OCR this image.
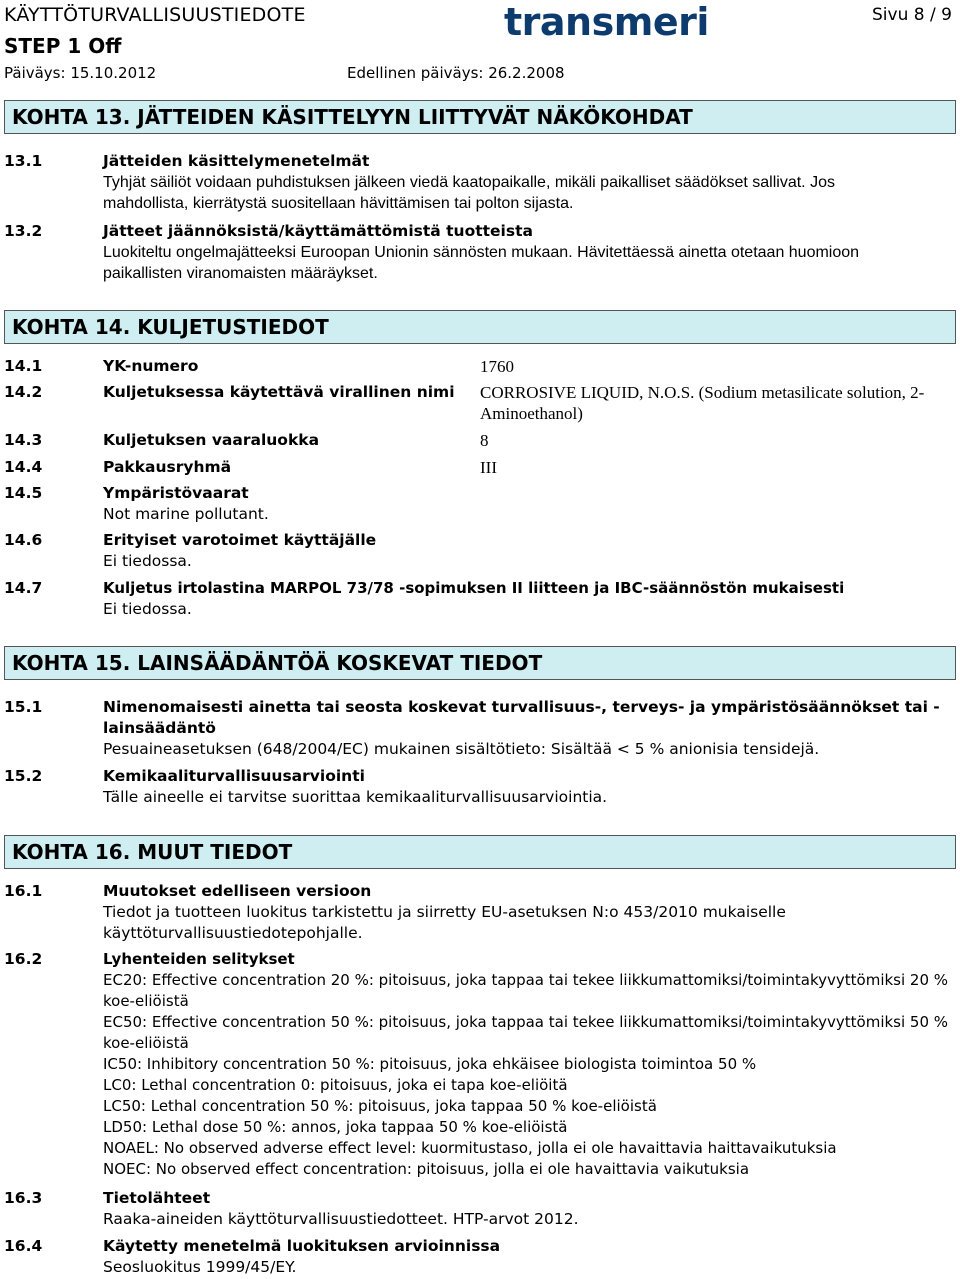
KÄYTTÖTURVALLISUUSTIEDOTE
STEP 1 Off
Päiväys: 15.10.2012	Edellinen päiväys: 26.2.2008
transmeri	Sivu 8 / 9
KOHTA 13. JÄTTEIDEN KÄSITTELYYN LIITTYVÄT NÄKÖKOHDAT
13.1	Jätteiden käsittelymenetelmät
Tyhjät säiliöt voidaan puhdistuksen jälkeen viedä kaatopaikalle, mikäli paikalliset säädökset sallivat. Jos
mahdollista, kierrätystä suositellaan hävittämisen tai polton sijasta.
13.2	Jätteet jäännöksistä/käyttämättömistä tuotteista
Luokiteltu ongelmajätteeksi Euroopan Unionin sännösten mukaan. Hävitettäessä ainetta otetaan huomioon
paikallisten viranomaisten määräykset.
KOHTA 14. KULJETUSTIEDOT
14.1	YK-numero	1760
14.2	Kuljetuksessa käytettävä virallinen nimi	CORROSIVE LIQUID, N.O.S. (Sodium metasilicate solution, 2-
Aminoethanol)
14.3	Kuljetuksen vaaraluokka	8
14.4	Pakkausryhmä	III
14.5	Ympäristövaarat
Not marine pollutant.
14.6	Erityiset varotoimet käyttäjälle
Ei tiedossa.
14.7	Kuljetus irtolastina MARPOL 73/78 -sopimuksen II liitteen ja IBC-säännöstön mukaisesti
Ei tiedossa.
KOHTA 15. LAINSÄÄDÄNTÖÄ KOSKEVAT TIEDOT
15.1	Nimenomaisesti ainetta tai seosta koskevat turvallisuus-, terveys- ja ympäristösäännökset tai -
lainsäädäntö
Pesuaineasetuksen (648/2004/EC) mukainen sisältötieto: Sisältää < 5 % anionisia tensidejä.
15.2	Kemikaaliturvallisuusarviointi
Tälle aineelle ei tarvitse suorittaa kemikaaliturvallisuusarviointia.
KOHTA 16. MUUT TIEDOT
16.1	Muutokset edelliseen versioon
Tiedot ja tuotteen luokitus tarkistettu ja siirretty EU-asetuksen N:o 453/2010 mukaiselle
käyttöturvallisuustiedotepohjalle.
16.2	Lyhenteiden selitykset
EC20: Effective concentration 20 %: pitoisuus, joka tappaa tai tekee liikkumattomiksi/toimintakyvyttömiksi 20 %
koe-eliöistä
EC50: Effective concentration 50 %: pitoisuus, joka tappaa tai tekee liikkumattomiksi/toimintakyvyttömiksi 50 %
koe-eliöistä
IC50: Inhibitory concentration 50 %: pitoisuus, joka ehkäisee biologista toimintoa 50 %
LC0: Lethal concentration 0: pitoisuus, joka ei tapa koe-eliöitä
LC50: Lethal concentration 50 %: pitoisuus, joka tappaa 50 % koe-eliöistä
LD50: Lethal dose 50 %: annos, joka tappaa 50 % koe-eliöistä
NOAEL: No observed adverse effect level: kuormitustaso, jolla ei ole havaittavia haittavaikutuksia
NOEC: No observed effect concentration: pitoisuus, jolla ei ole havaittavia vaikutuksia
16.3	Tietolähteet
Raaka-aineiden käyttöturvallisuustiedotteet. HTP-arvot 2012.
16.4	Käytetty menetelmä luokituksen arvioinnissa
Seosluokitus 1999/45/EY.
